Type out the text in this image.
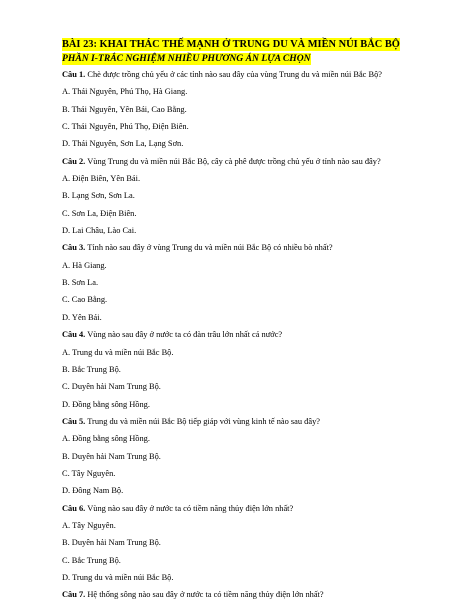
BÀI 23: KHAI THÁC THẾ MẠNH Ở TRUNG DU VÀ MIỀN NÚI BẮC BỘ
PHẦN I-TRẮC NGHIỆM NHIỀU PHƯƠNG ÁN LỰA CHỌN
Câu 1. Chè được trồng chủ yếu ở các tỉnh nào sau đây của vùng Trung du và miền núi Bắc Bộ?
A. Thái Nguyên, Phú Thọ, Hà Giang.
B. Thái Nguyên, Yên Bái, Cao Bằng.
C. Thái Nguyên, Phú Thọ, Điện Biên.
D. Thái Nguyên, Sơn La, Lạng Sơn.
Câu 2. Vùng Trung du và miền núi Bắc Bộ, cây cà phê được trồng chủ yếu ở tỉnh nào sau đây?
A. Điện Biên, Yên Bái.
B. Lạng Sơn, Sơn La.
C. Sơn La, Điện Biên.
D. Lai Châu, Lào Cai.
Câu 3. Tỉnh nào sau đây ở vùng Trung du và miền núi Bắc Bộ có nhiều bò nhất?
A. Hà Giang.
B. Sơn La.
C. Cao Bằng.
D. Yên Bái.
Câu 4. Vùng nào sau đây ở nước ta có đàn trâu lớn nhất cả nước?
A. Trung du và miền núi Bắc Bộ.
B. Bắc Trung Bộ.
C. Duyên hải Nam Trung Bộ.
D. Đồng bằng sông Hồng.
Câu 5. Trung du và miền núi Bắc Bộ tiếp giáp với vùng kinh tế nào sau đây?
A. Đồng bằng sông Hồng.
B. Duyên hải Nam Trung Bộ.
C. Tây Nguyên.
D. Đông Nam Bộ.
Câu 6. Vùng nào sau đây ở nước ta có tiềm năng thủy điện lớn nhất?
A. Tây Nguyên.
B. Duyên hải Nam Trung Bộ.
C. Bắc Trung Bộ.
D. Trung du và miền núi Bắc Bộ.
Câu 7. Hệ thống sông nào sau đây ở nước ta có tiềm năng thủy điện lớn nhất?
